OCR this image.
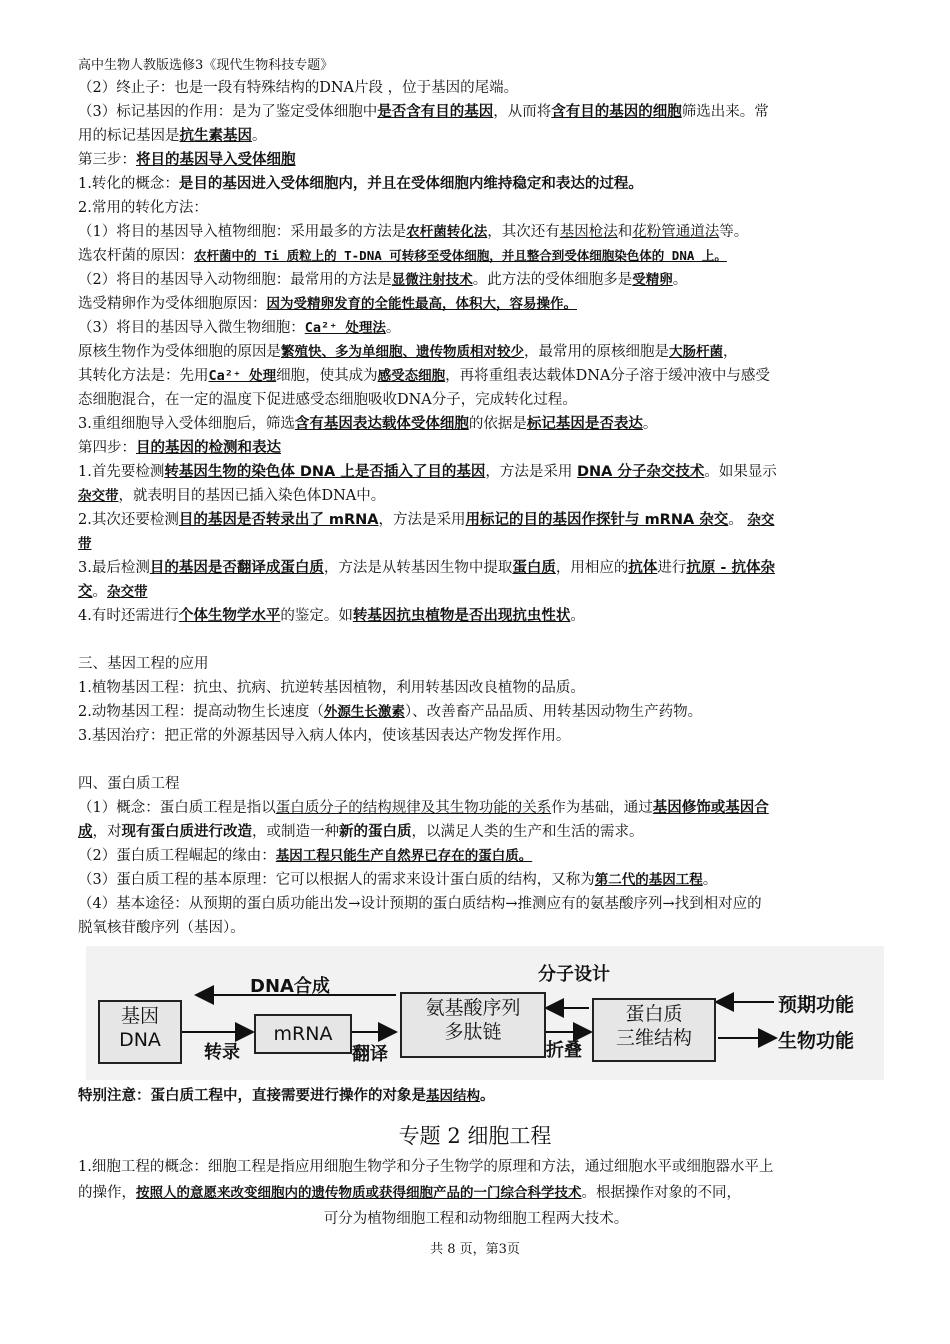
高中生物人教版选修3《现代生物科技专题》
（2）终止子：也是一段有特殊结构的DNA片段 ，位于基因的尾端。
（3）标记基因的作用：是为了鉴定受体细胞中是否含有目的基因，从而将含有目的基因的细胞筛选出来。常
用的标记基因是抗生素基因。
第三步：将目的基因导入受体细胞
1.转化的概念：是目的基因进入受体细胞内，并且在受体细胞内维持稳定和表达的过程。
2.常用的转化方法：
（1）将目的基因导入植物细胞：采用最多的方法是农杆菌转化法，其次还有基因枪法和花粉管通道法等。
选农杆菌的原因：农杆菌中的 Ti 质粒上的 T-DNA 可转移至受体细胞，并且整合到受体细胞染色体的 DNA 上。
（2）将目的基因导入动物细胞：最常用的方法是显微注射技术。此方法的受体细胞多是受精卵。
选受精卵作为受体细胞原因：因为受精卵发育的全能性最高，体积大，容易操作。
（3）将目的基因导入微生物细胞：Ca²⁺ 处理法。
原核生物作为受体细胞的原因是繁殖快、多为单细胞、遗传物质相对较少，最常用的原核细胞是大肠杆菌，
其转化方法是：先用Ca²⁺ 处理细胞，使其成为感受态细胞，再将重组表达载体DNA分子溶于缓冲液中与感受
态细胞混合，在一定的温度下促进感受态细胞吸收DNA分子，完成转化过程。
3.重组细胞导入受体细胞后，筛选含有基因表达载体受体细胞的依据是标记基因是否表达。
第四步：目的基因的检测和表达
1.首先要检测转基因生物的染色体 DNA 上是否插入了目的基因，方法是采用 DNA 分子杂交技术。如果显示
杂交带，就表明目的基因已插入染色体DNA中。
2.其次还要检测目的基因是否转录出了 mRNA，方法是采用用标记的目的基因作探针与 mRNA 杂交。 杂交
带
3.最后检测目的基因是否翻译成蛋白质，方法是从转基因生物中提取蛋白质，用相应的抗体进行抗原 - 抗体杂
交。杂交带
4.有时还需进行个体生物学水平的鉴定。如转基因抗虫植物是否出现抗虫性状。
三、基因工程的应用
1.植物基因工程：抗虫、抗病、抗逆转基因植物，利用转基因改良植物的品质。
2.动物基因工程：提高动物生长速度（外源生长激素）、改善畜产品品质、用转基因动物生产药物。
3.基因治疗：把正常的外源基因导入病人体内，使该基因表达产物发挥作用。
四、蛋白质工程
（1）概念：蛋白质工程是指以蛋白质分子的结构规律及其生物功能的关系作为基础，通过基因修饰或基因合
成，对现有蛋白质进行改造，或制造一种新的蛋白质，以满足人类的生产和生活的需求。
（2）蛋白质工程崛起的缘由：基因工程只能生产自然界已存在的蛋白质。
（3）蛋白质工程的基本原理：它可以根据人的需求来设计蛋白质的结构，又称为第二代的基因工程。
（4）基本途径：从预期的蛋白质功能出发→设计预期的蛋白质结构→推测应有的氨基酸序列→找到相对应的
脱氧核苷酸序列（基因）。
DNA合成
分子设计
基因
DNA	mRNA
氨基酸序列
多肽链
蛋白质
三维结构
转录	翻译	折叠
预期功能
生物功能
特别注意：蛋白质工程中，直接需要进行操作的对象是基因结构。
专题 2 细胞工程
1.细胞工程的概念：细胞工程是指应用细胞生物学和分子生物学的原理和方法，通过细胞水平或细胞器水平上
的操作，按照人的意愿来改变细胞内的遗传物质或获得细胞产品的一门综合科学技术。根据操作对象的不同，
可分为植物细胞工程和动物细胞工程两大技术。
共 8 页，第3页
